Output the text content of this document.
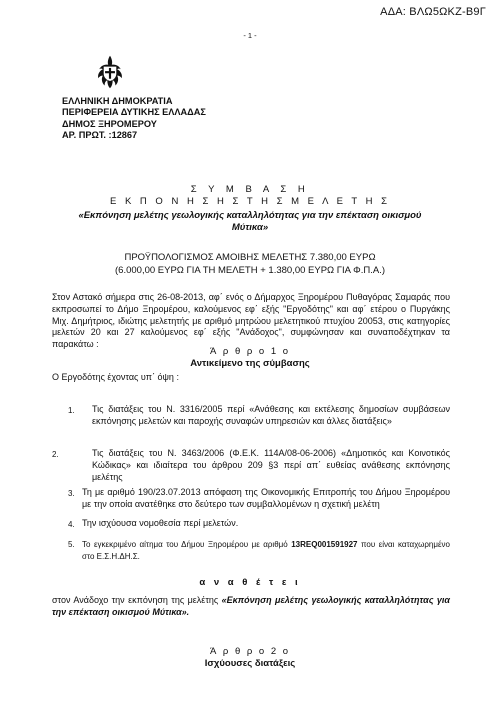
ΑΔΑ: ΒΛΩ5ΩΚΖ-Β9Γ
- 1 -
ΕΛΛΗΝΙΚΗ ΔΗΜΟΚΡΑΤΙΑ
ΠΕΡΙΦΕΡΕΙΑ ΔΥΤΙΚΗΣ ΕΛΛΑΔΑΣ
ΔΗΜΟΣ ΞΗΡΟΜΕΡΟΥ
ΑΡ. ΠΡΩΤ. :12867
Σ Υ Μ Β Α Σ Η
Ε Κ Π Ο Ν Η Σ Η Σ Τ Η Σ Μ Ε Λ Ε Τ Η Σ
«Εκπόνηση μελέτης γεωλογικής καταλληλότητας για την επέκταση οικισμού
Μύτικα»
ΠΡΟΫΠΟΛΟΓΙΣΜΟΣ ΑΜΟΙΒΗΣ ΜΕΛΕΤΗΣ 7.380,00 ΕΥΡΩ
(6.000,00 ΕΥΡΩ ΓΙΑ ΤΗ ΜΕΛΕΤΗ + 1.380,00 ΕΥΡΩ ΓΙΑ Φ.Π.Α.)
Στον Αστακό σήμερα στις 26-08-2013, αφ΄ ενός ο Δήμαρχος Ξηρομέρου Πυθαγόρας Σαμαράς που εκπροσωπεί το Δήμο Ξηρομέρου, καλούμενος εφ΄ εξής "Εργοδότης" και αφ΄ ετέρου ο Πυργάκης Μιχ. Δημήτριος, ιδιώτης μελετητής με αριθμό μητρώου μελετητικού πτυχίου 20053, στις κατηγορίες μελετών 20 και 27 καλούμενος εφ΄ εξής "Ανάδοχος", συμφώνησαν και συναποδέχτηκαν τα παρακάτω :
Ά ρ θ ρ ο 1 ο
Αντικείμενο της σύμβασης
Ο Εργοδότης έχοντας υπ΄ όψη :
1. Τις διατάξεις του Ν. 3316/2005 περί «Ανάθεσης και εκτέλεσης δημοσίων συμβάσεων εκπόνησης μελετών και παροχής συναφών υπηρεσιών και άλλες διατάξεις»
2.	Τις διατάξεις του Ν. 3463/2006 (Φ.Ε.Κ. 114Α/08-06-2006) «Δημοτικός και Κοινοτικός Κώδικας» και ιδιαίτερα του άρθρου 209 §3 περί απ΄ ευθείας ανάθεσης εκπόνησης μελέτης
3. Τη με αριθμό 190/23.07.2013 απόφαση της Οικονομικής Επιτροπής του Δήμου Ξηρομέρου με την οποία ανατέθηκε στο δεύτερο των συμβαλλομένων η σχετική μελέτη
4. Την ισχύουσα νομοθεσία περί μελετών.
5. Το εγκεκριμένο αίτημα του Δήμου Ξηρομέρου με αριθμό 13REQ001591927 που είναι καταχωρημένο στο Ε.Σ.Η.ΔΗ.Σ.
α ν α θ έ τ ε ι
στον Ανάδοχο την εκπόνηση της μελέτης «Εκπόνηση μελέτης γεωλογικής καταλληλότητας για την επέκταση οικισμού Μύτικα».
Ά ρ θ ρ ο 2 ο
Ισχύουσες διατάξεις
